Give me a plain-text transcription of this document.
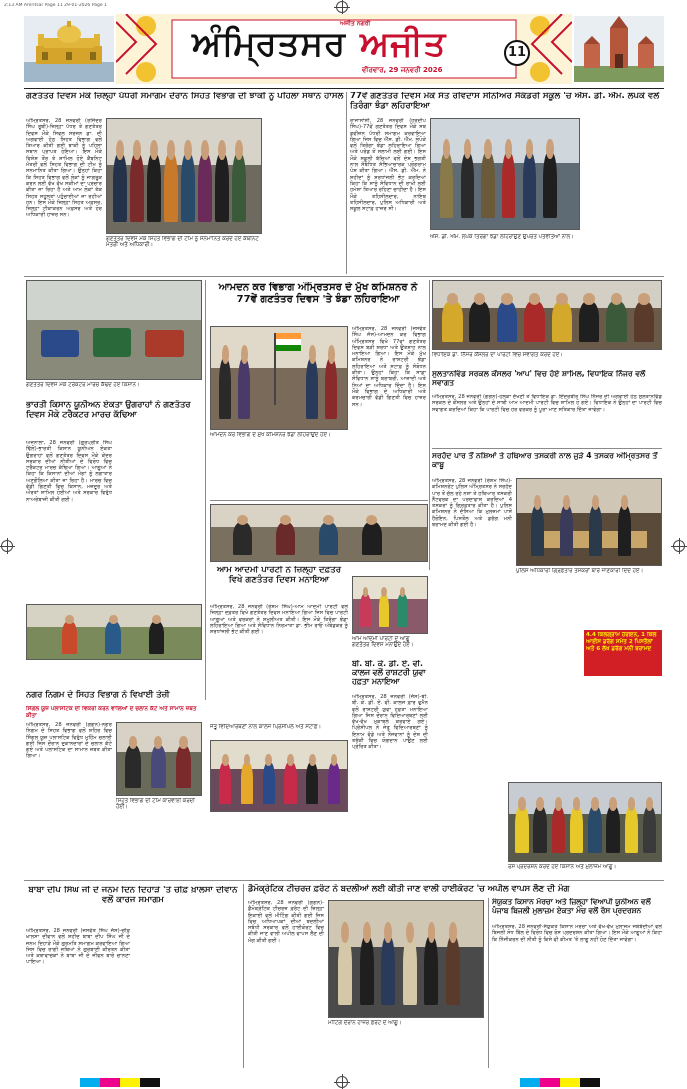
2:13 AM Amritsar Page 11 29-01-2026 Page 1
ਅਜੀਤ ਨਗਰੀ
ਅੰਮ੍ਰਿਤਸਰ ਅਜੀਤ
ਵੀਰਵਾਰ, 29 ਜਨਵਰੀ 2026
11
ਗਣਤੰਤਰ ਦਿਵਸ ਮੌਕੇ ਜ਼ਿਲ੍ਹਾ ਪੱਧਰੀ ਸਮਾਗਮ ਦੌਰਾਨ ਸਿਹਤ ਵਿਭਾਗ ਦੀ ਝਾਕੀ ਨੂੰ ਪਹਿਲਾ ਸਥਾਨ ਹਾਸਲ
ਅੰਮ੍ਰਿਤਸਰ, 28 ਜਨਵਰੀ (ਰਜਿੰਦਰ ਸਿੰਘ ਰੂਬੀ)-ਜ਼ਿਲ੍ਹਾ ਪੱਧਰ ਤੇ ਗਣਤੰਤਰ ਦਿਵਸ ਮੌਕੇ ਸਿਵਲ ਸਰਜਨ ਡਾ. ਦੀ ਅਗਵਾਈ ਹੇਠ ਸਿਹਤ ਵਿਭਾਗ ਵਲੋਂ ਤਿਆਰ ਕੀਤੀ ਗਈ ਝਾਕੀ ਨੂੰ ਪਹਿਲਾ ਸਥਾਨ ਪ੍ਰਾਪਤ ਹੋਇਆ। ਇਸ ਮੌਕੇ ਵਿਸ਼ੇਸ਼ ਤੌਰ ਤੇ ਸ਼ਾਮਿਲ ਹੋਏ ਕੈਬਨਿਟ ਮੰਤਰੀ ਵਲੋਂ ਸਿਹਤ ਵਿਭਾਗ ਦੀ ਟੀਮ ਨੂੰ ਸਨਮਾਨਿਤ ਕੀਤਾ ਗਿਆ। ਉਨ੍ਹਾਂ ਕਿਹਾ ਕਿ ਸਿਹਤ ਵਿਭਾਗ ਵਲੋਂ ਲੋਕਾਂ ਨੂੰ ਜਾਗਰੂਕ ਕਰਨ ਲਈ ਵੱਖ ਵੱਖ ਸਕੀਮਾਂ ਦਾ ਪ੍ਰਚਾਰ ਕੀਤਾ ਜਾ ਰਿਹਾ ਹੈ ਅਤੇ ਆਮ ਲੋਕਾਂ ਤੱਕ ਸਿਹਤ ਸਹੂਲਤਾਂ ਪਹੁੰਚਾਈਆਂ ਜਾ ਰਹੀਆਂ ਹਨ। ਇਸ ਮੌਕੇ ਜ਼ਿਲ੍ਹਾ ਸਿਹਤ ਅਫ਼ਸਰ, ਜ਼ਿਲ੍ਹਾ ਟੀਕਾਕਰਨ ਅਫ਼ਸਰ ਅਤੇ ਹੋਰ ਅਧਿਕਾਰੀ ਹਾਜ਼ਰ ਸਨ।
ਗਣਤੰਤਰ ਦਿਵਸ ਮੌਕੇ ਸਿਹਤ ਵਿਭਾਗ ਦੀ ਟੀਮ ਨੂੰ ਸਨਮਾਨਿਤ ਕਰਦੇ ਹੋਏ ਕੈਬਨਿਟ ਮੰਤਰੀ ਅਤੇ ਅਧਿਕਾਰੀ।
77ਵੇਂ ਗਣਤੰਤਰ ਦਿਵਸ ਮੌਕੇ ਸੰਤ ਰਵਿਦਾਸ ਸੀਨੀਅਰ ਸੈਕੰਡਰੀ ਸਕੂਲ 'ਚ ਐੱਸ. ਡੀ. ਐੱਮ. ਲੋਪੋਕੇ ਵਲੋਂ ਤਿਰੰਗਾ ਝੰਡਾ ਲਹਿਰਾਇਆ
ਰਾਜਾਸਾਂਸੀ, 28 ਜਨਵਰੀ (ਹਰਦੀਪ ਸਿੰਘ)-77ਵੇਂ ਗਣਤੰਤਰ ਦਿਵਸ ਮੌਕੇ ਸਬ ਡਵੀਜ਼ਨ ਪੱਧਰੀ ਸਮਾਗਮ ਕਰਵਾਇਆ ਗਿਆ ਜਿਸ ਵਿਚ ਐੱਸ. ਡੀ. ਐੱਮ. ਲੋਪੋਕੇ ਵਲੋਂ ਤਿਰੰਗਾ ਝੰਡਾ ਲਹਿਰਾਇਆ ਗਿਆ ਅਤੇ ਪਰੇਡ ਤੋਂ ਸਲਾਮੀ ਲਈ ਗਈ। ਇਸ ਮੌਕੇ ਸਕੂਲੀ ਬੱਚਿਆਂ ਵਲੋਂ ਦੇਸ਼ ਭਗਤੀ ਨਾਲ ਸੰਬੰਧਿਤ ਸੱਭਿਆਚਾਰਕ ਪ੍ਰੋਗਰਾਮ ਪੇਸ਼ ਕੀਤਾ ਗਿਆ। ਐੱਸ. ਡੀ. ਐੱਮ. ਨੇ ਸ਼ਹੀਦਾਂ ਨੂੰ ਸ਼ਰਧਾਂਜਲੀ ਭੇਟ ਕਰਦਿਆਂ ਕਿਹਾ ਕਿ ਸਾਨੂੰ ਸੰਵਿਧਾਨ ਦੀ ਰਾਖੀ ਲਈ ਹਮੇਸ਼ਾ ਤਿਆਰ ਰਹਿਣਾ ਚਾਹੀਦਾ ਹੈ। ਇਸ ਮੌਕੇ ਤਹਿਸੀਲਦਾਰ, ਨਾਇਬ ਤਹਿਸੀਲਦਾਰ, ਪੁਲਿਸ ਅਧਿਕਾਰੀ ਅਤੇ ਸਕੂਲ ਸਟਾਫ਼ ਹਾਜ਼ਰ ਸੀ।
ਐੱਸ. ਡੀ. ਐੱਮ. ਲੋਪੋਕੇ ਤਿਰੰਗਾ ਝੰਡਾ ਲਹਿਰਾਉਣ ਉਪਰੰਤ ਪਤਵੰਤਿਆਂ ਨਾਲ।
ਗਣਤੰਤਰ ਦਿਵਸ ਮੌਕੇ ਟਰੈਕਟਰ ਮਾਰਚ ਕੱਢਦੇ ਹੋਏ ਕਿਸਾਨ।
ਭਾਰਤੀ ਕਿਸਾਨ ਯੂਨੀਅਨ ਏਕਤਾ ਉਗਰਾਹਾਂ ਨੇ ਗਣਤੰਤਰ ਦਿਵਸ ਮੌਕੇ ਟਰੈਕਟਰ ਮਾਰਚ ਕੱਢਿਆ
ਅਜਨਾਲਾ, 28 ਜਨਵਰੀ (ਗੁਰਪ੍ਰੀਤ ਸਿੰਘ ਢਿੱਲੋਂ)-ਭਾਰਤੀ ਕਿਸਾਨ ਯੂਨੀਅਨ ਏਕਤਾ ਉਗਰਾਹਾਂ ਵਲੋਂ ਗਣਤੰਤਰ ਦਿਵਸ ਮੌਕੇ ਕੇਂਦਰ ਸਰਕਾਰ ਦੀਆਂ ਨੀਤੀਆਂ ਦੇ ਵਿਰੋਧ ਵਿਚ ਟਰੈਕਟਰ ਮਾਰਚ ਕੱਢਿਆ ਗਿਆ। ਆਗੂਆਂ ਨੇ ਕਿਹਾ ਕਿ ਕਿਸਾਨਾਂ ਦੀਆਂ ਮੰਗਾਂ ਨੂੰ ਲਗਾਤਾਰ ਅਣਗੌਲਿਆ ਕੀਤਾ ਜਾ ਰਿਹਾ ਹੈ। ਮਾਰਚ ਵਿਚ ਵੱਡੀ ਗਿਣਤੀ ਵਿਚ ਕਿਸਾਨ, ਮਜ਼ਦੂਰ ਅਤੇ ਔਰਤਾਂ ਸ਼ਾਮਿਲ ਹੋਈਆਂ ਅਤੇ ਸਰਕਾਰ ਵਿਰੁੱਧ ਨਾਅਰੇਬਾਜ਼ੀ ਕੀਤੀ ਗਈ।
ਆਮਦਨ ਕਰ ਵਿਭਾਗ ਅੰਮ੍ਰਿਤਸਰ ਦੇ ਮੁੱਖ ਕਮਿਸ਼ਨਰ ਨੇ 77ਵੇਂ ਗਣਤੰਤਰ ਦਿਵਸ 'ਤੇ ਝੰਡਾ ਲਹਿਰਾਇਆ
ਅੰਮ੍ਰਿਤਸਰ, 28 ਜਨਵਰੀ (ਜਸਵੰਤ ਸਿੰਘ ਜੱਸ)-ਆਮਦਨ ਕਰ ਵਿਭਾਗ ਅੰਮ੍ਰਿਤਸਰ ਵਿਖੇ 77ਵਾਂ ਗਣਤੰਤਰ ਦਿਵਸ ਬੜੀ ਸ਼ਰਧਾ ਅਤੇ ਉਤਸ਼ਾਹ ਨਾਲ ਮਨਾਇਆ ਗਿਆ। ਇਸ ਮੌਕੇ ਮੁੱਖ ਕਮਿਸ਼ਨਰ ਨੇ ਰਾਸ਼ਟਰੀ ਝੰਡਾ ਲਹਿਰਾਇਆ ਅਤੇ ਸਟਾਫ਼ ਨੂੰ ਸੰਬੋਧਨ ਕੀਤਾ। ਉਨ੍ਹਾਂ ਕਿਹਾ ਕਿ ਸਾਡਾ ਸੰਵਿਧਾਨ ਸਾਨੂੰ ਬਰਾਬਰੀ, ਆਜ਼ਾਦੀ ਅਤੇ ਨਿਆਂ ਦਾ ਅਧਿਕਾਰ ਦਿੰਦਾ ਹੈ। ਇਸ ਮੌਕੇ ਵਿਭਾਗ ਦੇ ਅਧਿਕਾਰੀ ਅਤੇ ਕਰਮਚਾਰੀ ਵੱਡੀ ਗਿਣਤੀ ਵਿਚ ਹਾਜ਼ਰ ਸਨ।
ਆਮਦਨ ਕਰ ਵਿਭਾਗ ਦੇ ਮੁੱਖ ਕਮਿਸ਼ਨਰ ਝੰਡਾ ਲਹਿਰਾਉਂਦੇ ਹੋਏ।
ਵਿਧਾਇਕ ਡਾ. ਨਿੱਜਰ ਕੌਂਸਲਰ ਦਾ ਪਾਰਟੀ ਵਿਚ ਸਵਾਗਤ ਕਰਦੇ ਹੋਏ।
ਸੁਲਤਾਨਵਿੰਡ ਸਰਕਲ ਕੌਂਸਲਰ 'ਆਪ' ਵਿਚ ਹੋਏ ਸ਼ਾਮਿਲ, ਵਿਧਾਇਕ ਨਿੱਜਰ ਵਲੋਂ ਸਵਾਗਤ
ਅੰਮ੍ਰਿਤਸਰ, 28 ਜਨਵਰੀ (ਗਗਨ)-ਹਲਕਾ ਦੱਖਣੀ ਤੋਂ ਵਿਧਾਇਕ ਡਾ. ਇੰਦਰਬੀਰ ਸਿੰਘ ਨਿੱਜਰ ਦੀ ਅਗਵਾਈ ਹੇਠ ਸੁਲਤਾਨਵਿੰਡ ਸਰਕਲ ਦੇ ਕੌਂਸਲਰ ਅਤੇ ਉਨ੍ਹਾਂ ਦੇ ਸਾਥੀ ਆਮ ਆਦਮੀ ਪਾਰਟੀ ਵਿਚ ਸ਼ਾਮਿਲ ਹੋ ਗਏ। ਵਿਧਾਇਕ ਨੇ ਉਨ੍ਹਾਂ ਦਾ ਪਾਰਟੀ ਵਿਚ ਸਵਾਗਤ ਕਰਦਿਆਂ ਕਿਹਾ ਕਿ ਪਾਰਟੀ ਵਿਚ ਹਰ ਵਰਕਰ ਨੂੰ ਪੂਰਾ ਮਾਣ ਸਤਿਕਾਰ ਦਿੱਤਾ ਜਾਵੇਗਾ।
ਸਰਹੱਦ ਪਾਰ ਤੋਂ ਨਸ਼ਿਆਂ ਤੇ ਹਥਿਆਰ ਤਸਕਰੀ ਨਾਲ ਜੁੜੇ 4 ਤਸਕਰ ਅੰਮ੍ਰਿਤਸਰ ਤੋਂ ਕਾਬੂ
ਅੰਮ੍ਰਿਤਸਰ, 28 ਜਨਵਰੀ (ਰੇਸ਼ਮ ਸਿੰਘ)-ਕਮਿਸ਼ਨਰੇਟ ਪੁਲਿਸ ਅੰਮ੍ਰਿਤਸਰ ਨੇ ਸਰਹੱਦ ਪਾਰ ਤੋਂ ਚੱਲ ਰਹੇ ਨਸ਼ਾ ਤੇ ਹਥਿਆਰ ਤਸਕਰੀ ਨੈੱਟਵਰਕ ਦਾ ਪਰਦਾਫਾਸ਼ ਕਰਦਿਆਂ 4 ਤਸਕਰਾਂ ਨੂੰ ਗ੍ਰਿਫ਼ਤਾਰ ਕੀਤਾ ਹੈ। ਪੁਲਿਸ ਕਮਿਸ਼ਨਰ ਨੇ ਦੱਸਿਆ ਕਿ ਮੁਲਜ਼ਮਾਂ ਪਾਸੋਂ ਹੈਰੋਇਨ, ਪਿਸਤੌਲ ਅਤੇ ਡਰੱਗ ਮਨੀ ਬਰਾਮਦ ਕੀਤੀ ਗਈ ਹੈ।
ਪੁਲਿਸ ਅਧਿਕਾਰੀ ਗ੍ਰਿਫ਼ਤਾਰ ਤਸਕਰਾਂ ਬਾਰੇ ਜਾਣਕਾਰੀ ਦਿੰਦੇ ਹੋਏ।
4.4 ਕਿਲੋਗ੍ਰਾਮ ਹੈਰੋਇਨ, 1 ਕਿਲੋ ਆਈਸ ਡਰੱਗ ਸਮੇਤ 2 ਪਿਸਤੌਲਾਂ ਅਤੇ 6 ਲੱਖ ਡਰੱਗ ਮਨੀ ਬਰਾਮਦ
ਆਮ ਆਦਮੀ ਪਾਰਟੀ ਨੇ ਜ਼ਿਲ੍ਹਾ ਦਫ਼ਤਰ ਵਿਖੇ ਗਣਤੰਤਰ ਦਿਵਸ ਮਨਾਇਆ
ਅੰਮ੍ਰਿਤਸਰ, 28 ਜਨਵਰੀ (ਰੇਸ਼ਮ ਸਿੰਘ)-ਆਮ ਆਦਮੀ ਪਾਰਟੀ ਵਲੋਂ ਜ਼ਿਲ੍ਹਾ ਦਫ਼ਤਰ ਵਿਖੇ ਗਣਤੰਤਰ ਦਿਵਸ ਮਨਾਇਆ ਗਿਆ ਜਿਸ ਵਿਚ ਪਾਰਟੀ ਆਗੂਆਂ ਅਤੇ ਵਰਕਰਾਂ ਨੇ ਸ਼ਮੂਲੀਅਤ ਕੀਤੀ। ਇਸ ਮੌਕੇ ਤਿਰੰਗਾ ਝੰਡਾ ਲਹਿਰਾਇਆ ਗਿਆ ਅਤੇ ਸੰਵਿਧਾਨ ਨਿਰਮਾਤਾ ਡਾ. ਭੀਮ ਰਾਓ ਅੰਬੇਡਕਰ ਨੂੰ ਸ਼ਰਧਾਂਜਲੀ ਭੇਟ ਕੀਤੀ ਗਈ।
ਆਮ ਆਦਮੀ ਪਾਰਟੀ ਦੇ ਆਗੂ ਗਣਤੰਤਰ ਦਿਵਸ ਮਨਾਉਂਦੇ ਹੋਏ।
ਬੀ. ਬੀ. ਕੇ. ਡੀ. ਏ. ਵੀ. ਕਾਲਜ ਵਲੋਂ ਰਾਸ਼ਟਰੀ ਯੁਵਾ ਹਫ਼ਤਾ ਮਨਾਇਆ
ਅੰਮ੍ਰਿਤਸਰ, 28 ਜਨਵਰੀ (ਜੱਸ)-ਬੀ. ਬੀ. ਕੇ. ਡੀ. ਏ. ਵੀ. ਕਾਲਜ ਫ਼ਾਰ ਵੁਮੈਨ ਵਲੋਂ ਰਾਸ਼ਟਰੀ ਯੁਵਾ ਹਫ਼ਤਾ ਮਨਾਇਆ ਗਿਆ ਜਿਸ ਦੌਰਾਨ ਵਿਦਿਆਰਥਣਾਂ ਲਈ ਵੱਖ-ਵੱਖ ਮੁਕਾਬਲੇ ਕਰਵਾਏ ਗਏ। ਪ੍ਰਿੰਸੀਪਲ ਨੇ ਜੇਤੂ ਵਿਦਿਆਰਥਣਾਂ ਨੂੰ ਇਨਾਮ ਵੰਡੇ ਅਤੇ ਨੌਜਵਾਨਾਂ ਨੂੰ ਦੇਸ਼ ਦੀ ਤਰੱਕੀ ਵਿਚ ਯੋਗਦਾਨ ਪਾਉਣ ਲਈ ਪ੍ਰੇਰਿਤ ਕੀਤਾ।
ਜੇਤੂ ਵਿਦਿਆਰਥਣਾਂ ਨਾਲ ਕਾਲਜ ਪ੍ਰਿੰਸੀਪਲ ਅਤੇ ਸਟਾਫ਼।
ਨਗਰ ਨਿਗਮ ਦੇ ਸਿਹਤ ਵਿਭਾਗ ਨੇ ਵਿਖਾਈ ਤੇਜ਼ੀ
ਸਿੰਗਲ ਯੂਜ਼ ਪਲਾਸਟਿਕ ਦੀ ਵਿਕਰੀ ਕਰਨ ਵਾਲਿਆਂ ਦੇ ਚਲਾਨ ਕੱਟੇ ਅਤੇ ਸਾਮਾਨ ਜ਼ਬਤ ਕੀਤਾ
ਅੰਮ੍ਰਿਤਸਰ, 28 ਜਨਵਰੀ (ਗਗਨ)-ਨਗਰ ਨਿਗਮ ਦੇ ਸਿਹਤ ਵਿਭਾਗ ਵਲੋਂ ਸ਼ਹਿਰ ਵਿਚ ਸਿੰਗਲ ਯੂਜ਼ ਪਲਾਸਟਿਕ ਵਿਰੁੱਧ ਮੁਹਿੰਮ ਚਲਾਈ ਗਈ ਜਿਸ ਦੌਰਾਨ ਦੁਕਾਨਦਾਰਾਂ ਦੇ ਚਲਾਨ ਕੱਟੇ ਗਏ ਅਤੇ ਪਲਾਸਟਿਕ ਦਾ ਸਾਮਾਨ ਜ਼ਬਤ ਕੀਤਾ ਗਿਆ।
ਸਿਹਤ ਵਿਭਾਗ ਦੀ ਟੀਮ ਕਾਰਵਾਈ ਕਰਦੀ ਹੋਈ।
ਰੋਸ ਪ੍ਰਦਰਸ਼ਨ ਕਰਦੇ ਹੋਏ ਕਿਸਾਨ ਅਤੇ ਮੁਲਾਜ਼ਮ ਆਗੂ।
ਬਾਬਾ ਦੀਪ ਸਿੰਘ ਜੀ ਦੇ ਜਨਮ ਦਿਨ ਦਿਹਾੜੇ 'ਤੇ ਚੀਫ਼ ਖ਼ਾਲਸਾ ਦੀਵਾਨ ਵਲੋਂ ਕਾਰਜ ਸਮਾਗਮ
ਅੰਮ੍ਰਿਤਸਰ, 28 ਜਨਵਰੀ (ਜਸਵੰਤ ਸਿੰਘ ਜੱਸ)-ਚੀਫ਼ ਖ਼ਾਲਸਾ ਦੀਵਾਨ ਵਲੋਂ ਸ਼ਹੀਦ ਬਾਬਾ ਦੀਪ ਸਿੰਘ ਜੀ ਦੇ ਜਨਮ ਦਿਹਾੜੇ ਮੌਕੇ ਗੁਰਮਤਿ ਸਮਾਗਮ ਕਰਵਾਇਆ ਗਿਆ ਜਿਸ ਵਿਚ ਰਾਗੀ ਜਥਿਆਂ ਨੇ ਗੁਰਬਾਣੀ ਕੀਰਤਨ ਕੀਤਾ ਅਤੇ ਕਥਾਵਾਚਕਾਂ ਨੇ ਬਾਬਾ ਜੀ ਦੇ ਜੀਵਨ ਬਾਰੇ ਚਾਨਣਾ ਪਾਇਆ।
ਡੈਮੋਕ੍ਰੇਟਿਕ ਟੀਚਰਜ਼ ਫ਼ਰੰਟ ਨੇ ਬਦਲੀਆਂ ਲਈ ਕੀਤੀ ਜਾਣ ਵਾਲੀ ਹਾਈਕੋਰਟ 'ਚ ਅਪੀਲ ਵਾਪਸ ਲੈਣ ਦੀ ਮੰਗ
ਅੰਮ੍ਰਿਤਸਰ, 28 ਜਨਵਰੀ (ਗਗਨ)-ਡੈਮੋਕ੍ਰੇਟਿਕ ਟੀਚਰਜ਼ ਫ਼ਰੰਟ ਦੀ ਜ਼ਿਲ੍ਹਾ ਇਕਾਈ ਵਲੋਂ ਮੀਟਿੰਗ ਕੀਤੀ ਗਈ ਜਿਸ ਵਿਚ ਅਧਿਆਪਕਾਂ ਦੀਆਂ ਬਦਲੀਆਂ ਸਬੰਧੀ ਸਰਕਾਰ ਵਲੋਂ ਹਾਈਕੋਰਟ ਵਿਚ ਕੀਤੀ ਜਾਣ ਵਾਲੀ ਅਪੀਲ ਵਾਪਸ ਲੈਣ ਦੀ ਮੰਗ ਕੀਤੀ ਗਈ।
ਮੀਟਿੰਗ ਦੌਰਾਨ ਹਾਜ਼ਰ ਫ਼ਰੰਟ ਦੇ ਆਗੂ।
ਸੰਯੁਕਤ ਕਿਸਾਨ ਮੋਰਚਾ ਅਤੇ ਜ਼ਿਲ੍ਹਾ ਵਿਆਪੀ ਯੂਨੀਅਨ ਵਲੋਂ ਪੰਜਾਬ ਬਿਜਲੀ ਮੁਲਾਜ਼ਮ ਏਕਤਾ ਮੰਚ ਵਲੋਂ ਰੋਸ ਪ੍ਰਦਰਸ਼ਨ
ਅੰਮ੍ਰਿਤਸਰ, 28 ਜਨਵਰੀ-ਸੰਯੁਕਤ ਕਿਸਾਨ ਮੋਰਚਾ ਅਤੇ ਵੱਖ-ਵੱਖ ਮੁਲਾਜ਼ਮ ਜਥੇਬੰਦੀਆਂ ਵਲੋਂ ਬਿਜਲੀ ਸੋਧ ਬਿੱਲ ਦੇ ਵਿਰੋਧ ਵਿਚ ਰੋਸ ਪ੍ਰਦਰਸ਼ਨ ਕੀਤਾ ਗਿਆ। ਇਸ ਮੌਕੇ ਆਗੂਆਂ ਨੇ ਕਿਹਾ ਕਿ ਨਿੱਜੀਕਰਨ ਦੀ ਨੀਤੀ ਨੂੰ ਕਿਸੇ ਵੀ ਕੀਮਤ 'ਤੇ ਲਾਗੂ ਨਹੀਂ ਹੋਣ ਦਿੱਤਾ ਜਾਵੇਗਾ।
